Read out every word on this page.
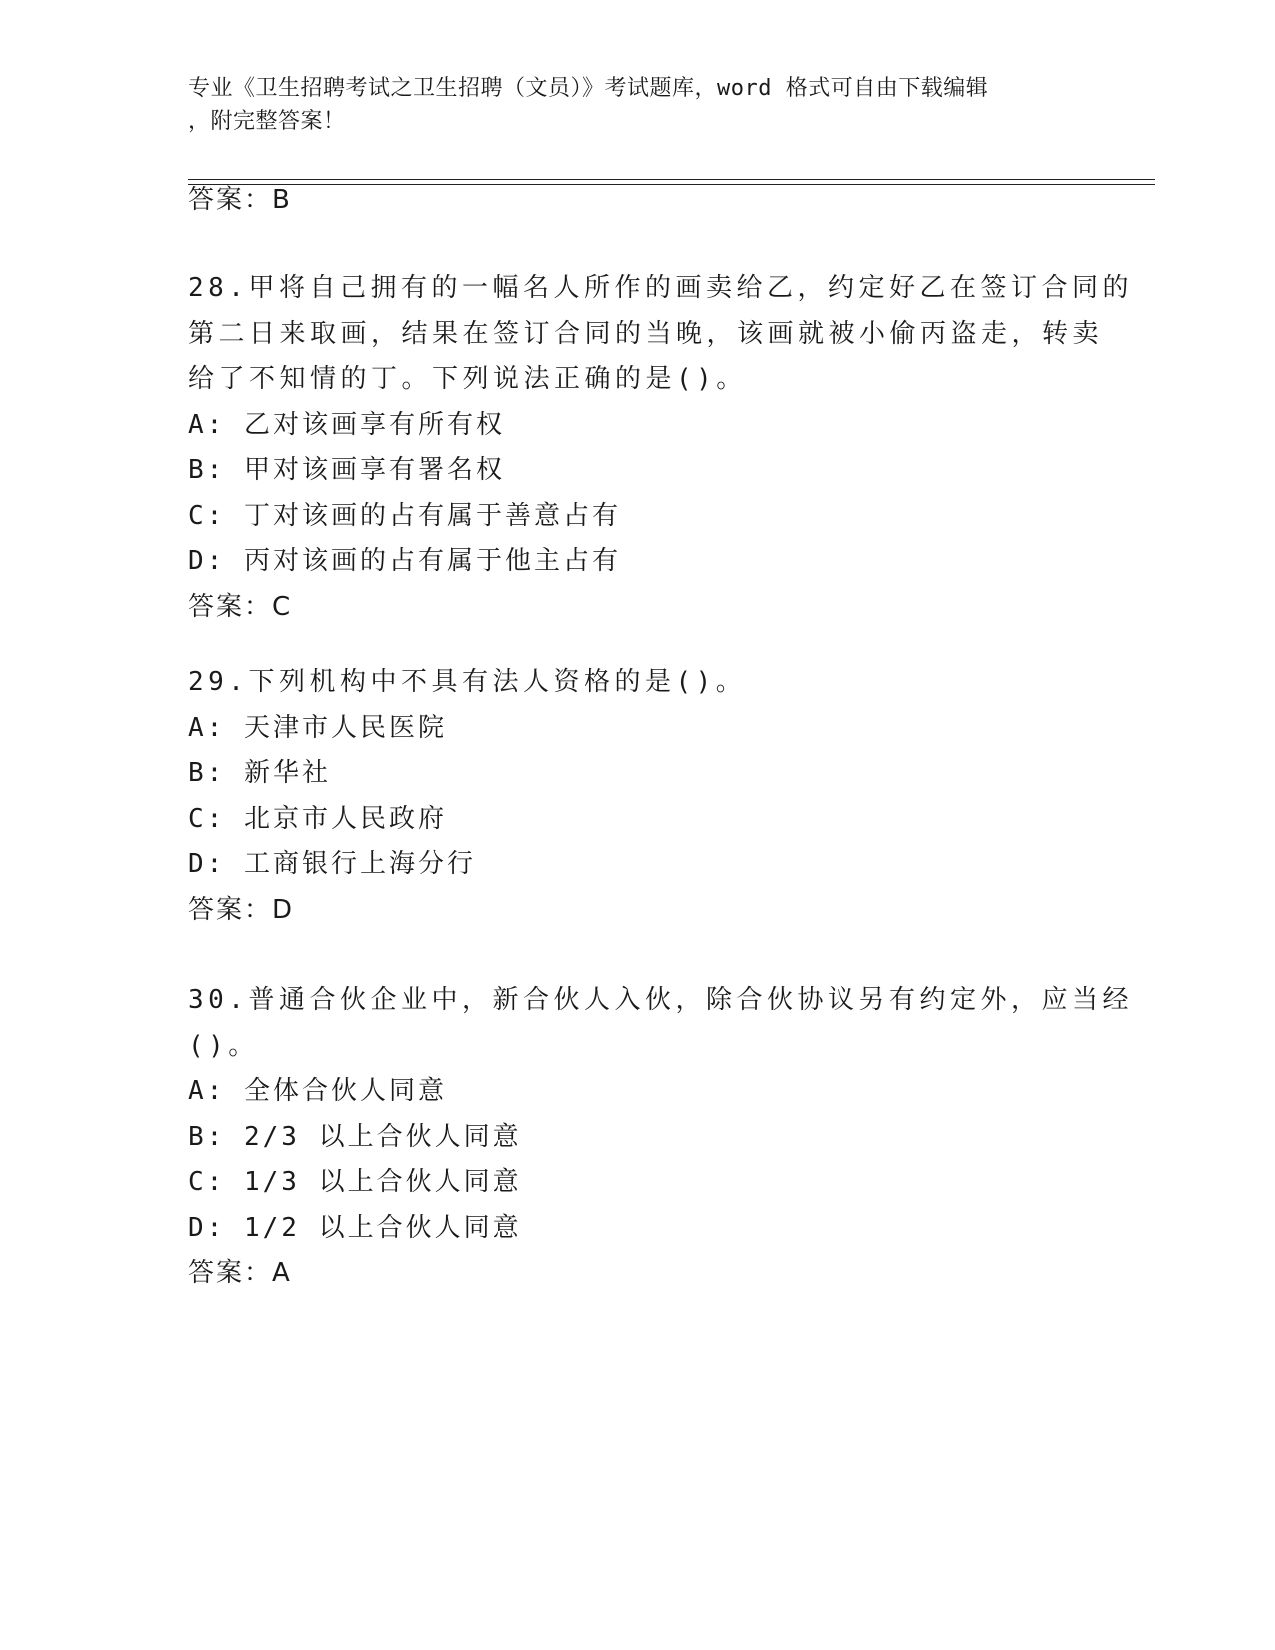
专业《卫生招聘考试之卫生招聘（文员）》考试题库，word 格式可自由下载编辑
，附完整答案！
答案：B
28.甲将自己拥有的一幅名人所作的画卖给乙，约定好乙在签订合同的
第二日来取画，结果在签订合同的当晚，该画就被小偷丙盗走，转卖
给了不知情的丁。下列说法正确的是()。
A: 乙对该画享有所有权
B: 甲对该画享有署名权
C: 丁对该画的占有属于善意占有
D: 丙对该画的占有属于他主占有
答案：C
29.下列机构中不具有法人资格的是()。
A: 天津市人民医院
B: 新华社
C: 北京市人民政府
D: 工商银行上海分行
答案：D
30.普通合伙企业中，新合伙人入伙，除合伙协议另有约定外，应当经
()。
A: 全体合伙人同意
B: 2/3 以上合伙人同意
C: 1/3 以上合伙人同意
D: 1/2 以上合伙人同意
答案：A
